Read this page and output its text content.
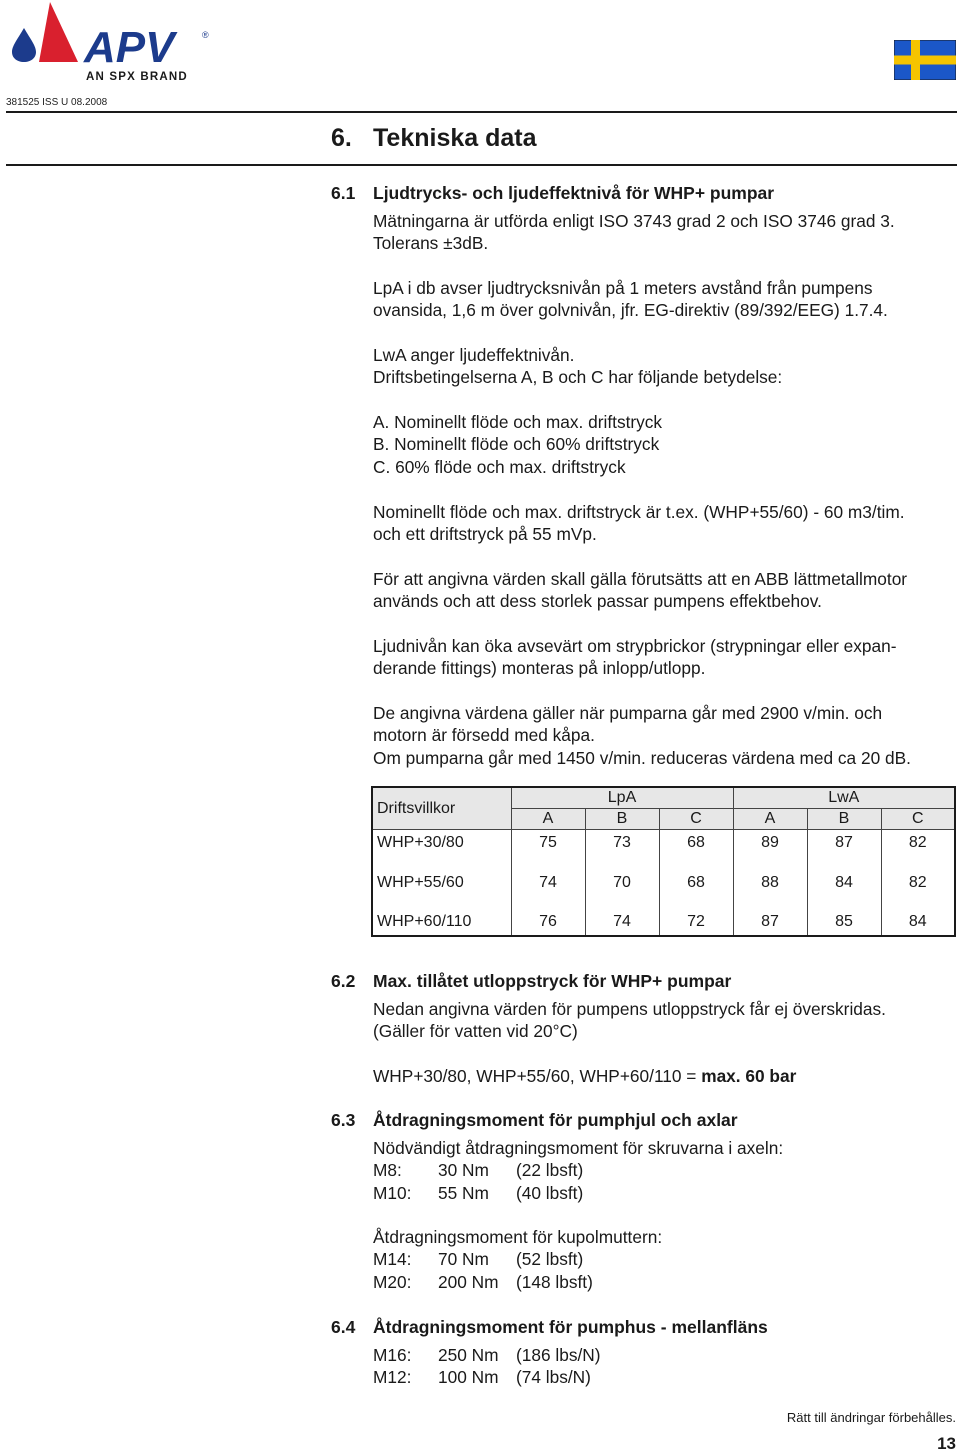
APV	®
AN SPX BRAND
381525 ISS U 08.2008
6. Tekniska data
6.1 Ljudtrycks- och ljudeffektnivå för WHP+ pumpar
Mätningarna är utförda enligt ISO 3743 grad 2 och ISO 3746 grad 3.
Tolerans ±3dB.
LpA i db avser ljudtrycksnivån på 1 meters avstånd från pumpens
ovansida, 1,6 m över golvnivån, jfr. EG-direktiv (89/392/EEG) 1.7.4.
LwA anger ljudeffektnivån.
Driftsbetingelserna A, B och C har följande betydelse:
A. Nominellt flöde och max. driftstryck
B. Nominellt flöde och 60% driftstryck
C. 60% flöde och max. driftstryck
Nominellt flöde och max. driftstryck är t.ex. (WHP+55/60) - 60 m3/tim.
och ett driftstryck på 55 mVp.
För att angivna värden skall gälla förutsätts att en ABB lättmetallmotor
används och att dess storlek passar pumpens effektbehov.
Ljudnivån kan öka avsevärt om strypbrickor (strypningar eller expan-
derande fittings) monteras på inlopp/utlopp.
De angivna värdena gäller när pumparna går med 2900 v/min. och
motorn är försedd med kåpa.
Om pumparna går med 1450 v/min. reduceras värdena med ca 20 dB.
Driftsvillkor	LpA			LwA		
	A	B	C	A	B	C
WHP+30/80	75	73	68	89	87	82
WHP+55/60	74	70	68	88	84	82
WHP+60/110	76	74	72	87	85	84
6.2 Max. tillåtet utloppstryck för WHP+ pumpar
Nedan angivna värden för pumpens utloppstryck får ej överskridas.
(Gäller för vatten vid 20°C)
WHP+30/80, WHP+55/60, WHP+60/110 = max. 60 bar
6.3 Åtdragningsmoment för pumphjul och axlar
Nödvändigt åtdragningsmoment för skruvarna i axeln:
M8: 30 Nm (22 lbsft)
M10: 55 Nm (40 lbsft)
Åtdragningsmoment för kupolmuttern:
M14: 70 Nm (52 lbsft)
M20: 200 Nm (148 lbsft)
6.4 Åtdragningsmoment för pumphus - mellanfläns
M16: 250 Nm (186 lbs/N)
M12: 100 Nm (74 lbs/N)
Rätt till ändringar förbehålles.
13
